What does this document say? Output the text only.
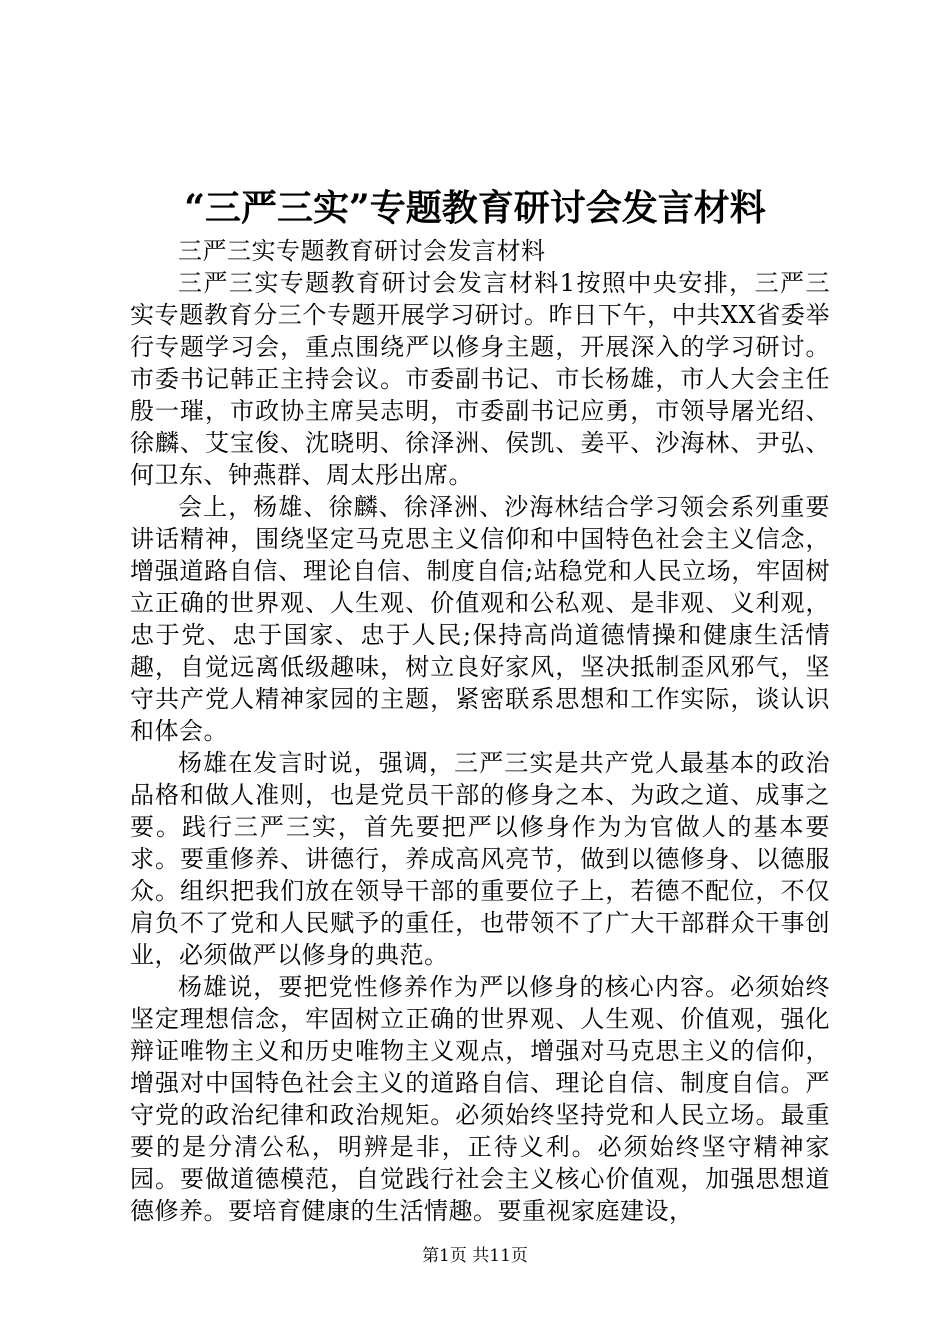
“三严三实”专题教育研讨会发言材料

三严三实专题教育研讨会发言材料

三严三实专题教育研讨会发言材料1按照中央安排，三严三实专题教育分三个专题开展学习研讨。昨日下午，中共XX省委举行专题学习会，重点围绕严以修身主题，开展深入的学习研讨。市委书记韩正主持会议。市委副书记、市长杨雄，市人大会主任殷一璀，市政协主席吴志明，市委副书记应勇，市领导屠光绍、徐麟、艾宝俊、沈晓明、徐泽洲、侯凯、姜平、沙海林、尹弘、何卫东、钟燕群、周太彤出席。

会上，杨雄、徐麟、徐泽洲、沙海林结合学习领会系列重要讲话精神，围绕坚定马克思主义信仰和中国特色社会主义信念，增强道路自信、理论自信、制度自信;站稳党和人民立场，牢固树立正确的世界观、人生观、价值观和公私观、是非观、义利观，忠于党、忠于国家、忠于人民;保持高尚道德情操和健康生活情趣，自觉远离低级趣味，树立良好家风，坚决抵制歪风邪气，坚守共产党人精神家园的主题，紧密联系思想和工作实际，谈认识和体会。

杨雄在发言时说，强调，三严三实是共产党人最基本的政治品格和做人准则，也是党员干部的修身之本、为政之道、成事之要。践行三严三实，首先要把严以修身作为为官做人的基本要求。要重修养、讲德行，养成高风亮节，做到以德修身、以德服众。组织把我们放在领导干部的重要位子上，若德不配位，不仅肩负不了党和人民赋予的重任，也带领不了广大干部群众干事创业，必须做严以修身的典范。

杨雄说，要把党性修养作为严以修身的核心内容。必须始终坚定理想信念，牢固树立正确的世界观、人生观、价值观，强化辩证唯物主义和历史唯物主义观点，增强对马克思主义的信仰，增强对中国特色社会主义的道路自信、理论自信、制度自信。严守党的政治纪律和政治规矩。必须始终坚持党和人民立场。最重要的是分清公私，明辨是非，正待义利。必须始终坚守精神家园。要做道德模范，自觉践行社会主义核心价值观，加强思想道德修养。要培育健康的生活情趣。要重视家庭建设，

第1页 共11页
